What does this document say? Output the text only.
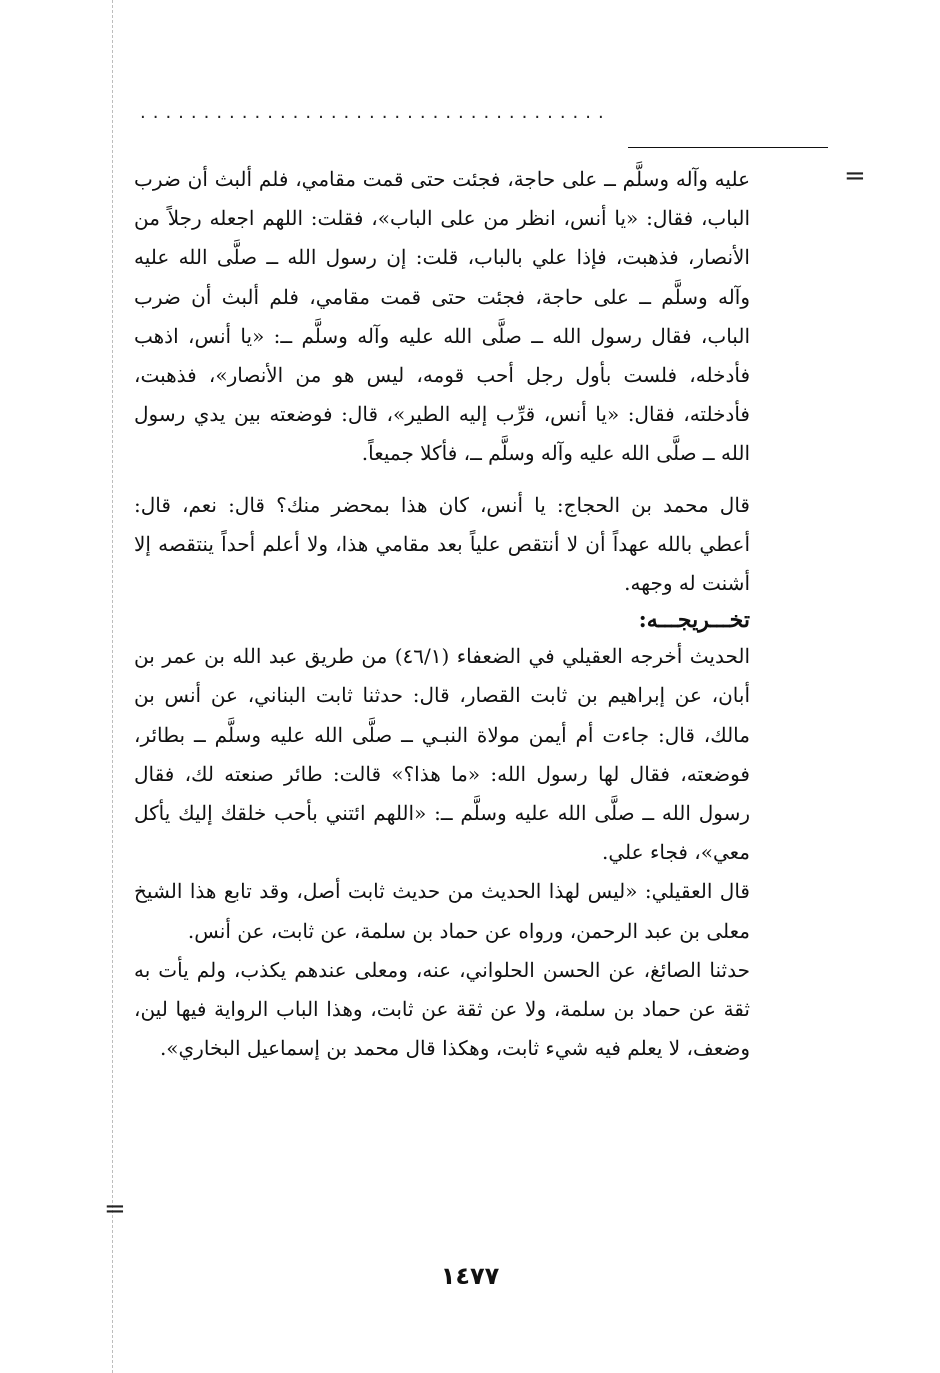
.....................................
=

عليه وآله وسلَّم ــ على حاجة، فجئت حتى قمت مقامي، فلم ألبث أن ضرب الباب، فقال: «يا أنس، انظر من على الباب»، فقلت: اللهم اجعله رجلاً من الأنصار، فذهبت، فإذا علي بالباب، قلت: إن رسول الله ــ صلَّى الله عليه وآله وسلَّم ــ على حاجة، فجئت حتى قمت مقامي، فلم ألبث أن ضرب الباب، فقال رسول الله ــ صلَّى الله عليه وآله وسلَّم ــ: «يا أنس، اذهب فأدخله، فلست بأول رجل أحب قومه، ليس هو من الأنصار»، فذهبت، فأدخلته، فقال: «يا أنس، قرِّب إليه الطير»، قال: فوضعته بين يدي رسول الله ــ صلَّى الله عليه وآله وسلَّم ــ، فأكلا جميعاً.

قال محمد بن الحجاج: يا أنس، كان هذا بمحضر منك؟ قال: نعم، قال: أعطي بالله عهداً أن لا أنتقص علياً بعد مقامي هذا، ولا أعلم أحداً ينتقصه إلا أشنت له وجهه.

تخـــريجـــه:

الحديث أخرجه العقيلي في الضعفاء (٤٦/١) من طريق عبد الله بن عمر بن أبان، عن إبراهيم بن ثابت القصار، قال: حدثنا ثابت البناني، عن أنس بن مالك، قال: جاءت أم أيمن مولاة النبـي ــ صلَّى الله عليه وسلَّم ــ بطائر، فوضعته، فقال لها رسول الله: «ما هذا؟» قالت: طائر صنعته لك، فقال رسول الله ــ صلَّى الله عليه وسلَّم ــ: «اللهم ائتني بأحب خلقك إليك يأكل معي»، فجاء علي.

قال العقيلي: «ليس لهذا الحديث من حديث ثابت أصل، وقد تابع هذا الشيخ معلى بن عبد الرحمن، ورواه عن حماد بن سلمة، عن ثابت، عن أنس.

حدثنا الصائغ، عن الحسن الحلواني، عنه، ومعلى عندهم يكذب، ولم يأت به ثقة عن حماد بن سلمة، ولا عن ثقة عن ثابت، وهذا الباب الرواية فيها لين، وضعف، لا يعلم فيه شيء ثابت، وهكذا قال محمد بن إسماعيل البخاري».

=
١٤٧٧
